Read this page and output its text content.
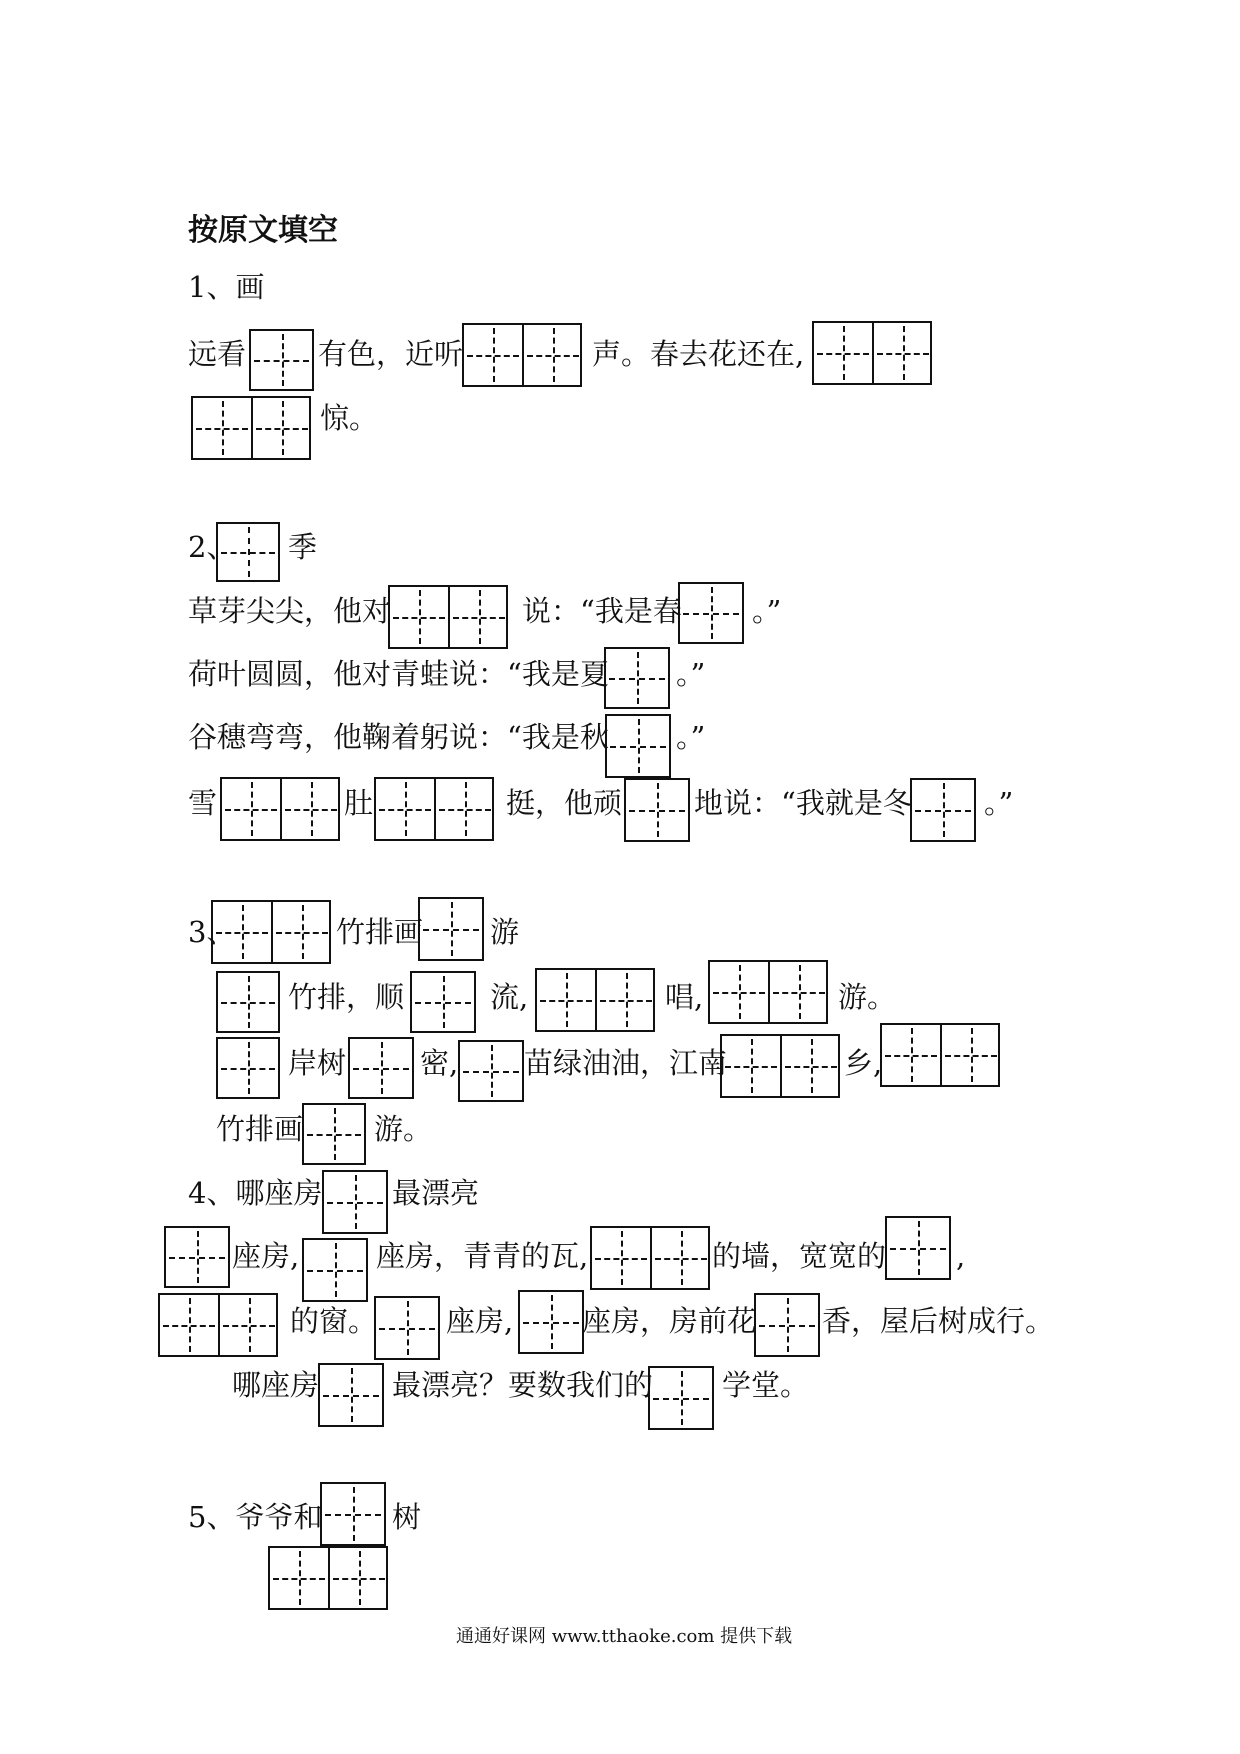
按原文填空
1、画
远看 有色，近听	声。春去花还在,
惊。
2、 季
草芽尖尖，他对	说：“我是春 。”
荷叶圆圆，他对青蛙说：“我是夏 。”
谷穗弯弯，他鞠着躬说：“我是秋 。”
雪	肚	挺，他顽 地说：“我就是冬 。”
3、	竹排画 游
竹排，顺	流,	唱,	游。
岸树	密, 苗绿油油，江南	乡,
竹排画 游。
4、哪座房 最漂亮
座房,	座房，青青的瓦,	的墙，宽宽的 ,
的窗。 座房, 座房，房前花 香，屋后树成行。
哪座房	最漂亮？要数我们的 学堂。
5、爷爷和 树
通通好课网 www.tthaoke.com 提供下载
